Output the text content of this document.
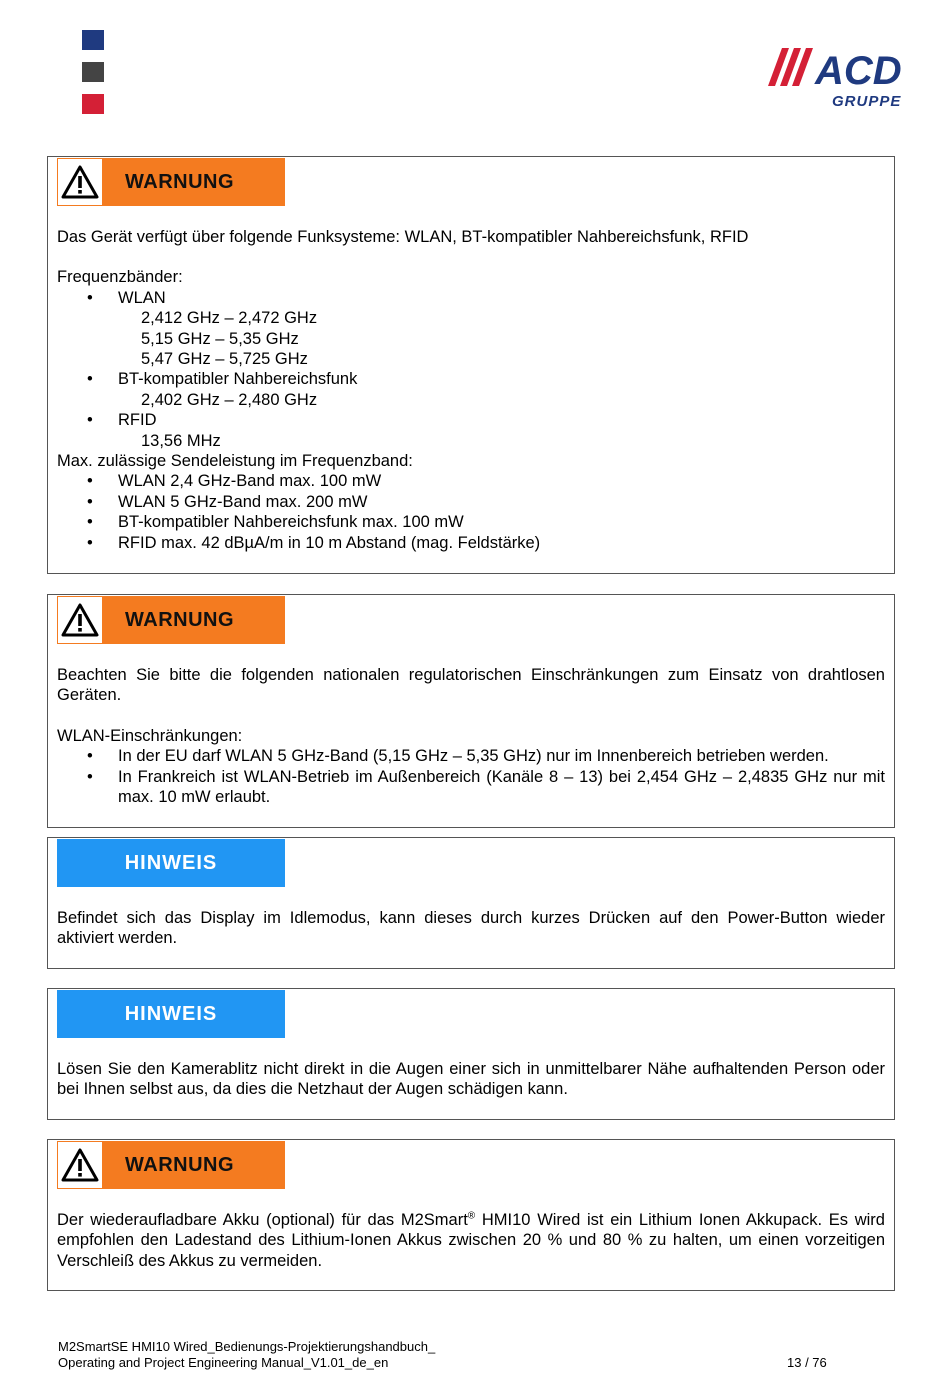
ACD
GRUPPE
WARNUNG

Das Gerät verfügt über folgende Funksysteme: WLAN, BT-kompatibler Nahbereichsfunk, RFID

Frequenzbänder:

• WLAN

2,412 GHz – 2,472 GHz

5,15 GHz – 5,35 GHz

5,47 GHz – 5,725 GHz

• BT-kompatibler Nahbereichsfunk

2,402 GHz – 2,480 GHz

• RFID

13,56 MHz

Max. zulässige Sendeleistung im Frequenzband:

• WLAN 2,4 GHz-Band max. 100 mW
• WLAN 5 GHz-Band max. 200 mW
• BT-kompatibler Nahbereichsfunk max. 100 mW
• RFID max. 42 dBµA/m in 10 m Abstand (mag. Feldstärke)
WARNUNG

Beachten Sie bitte die folgenden nationalen regulatorischen Einschränkungen zum Einsatz von drahtlosen Geräten.

WLAN-Einschränkungen:

• In der EU darf WLAN 5 GHz-Band (5,15 GHz – 5,35 GHz) nur im Innenbereich betrieben werden.
• In Frankreich ist WLAN-Betrieb im Außenbereich (Kanäle 8 – 13) bei 2,454 GHz – 2,4835 GHz nur mit max. 10 mW erlaubt.
HINWEIS

Befindet sich das Display im Idlemodus, kann dieses durch kurzes Drücken auf den Power-Button wieder aktiviert werden.

HINWEIS

Lösen Sie den Kamerablitz nicht direkt in die Augen einer sich in unmittelbarer Nähe aufhaltenden Person oder bei Ihnen selbst aus, da dies die Netzhaut der Augen schädigen kann.

WARNUNG

Der wiederaufladbare Akku (optional) für das M2Smart® HMI10 Wired ist ein Lithium Ionen Akkupack. Es wird empfohlen den Ladestand des Lithium-Ionen Akkus zwischen 20 % und 80 % zu halten, um einen vorzeitigen Verschleiß des Akkus zu vermeiden.

M2SmartSE HMI10 Wired_Bedienungs-Projektierungshandbuch_
Operating and Project Engineering Manual_V1.01_de_en	13 / 76
